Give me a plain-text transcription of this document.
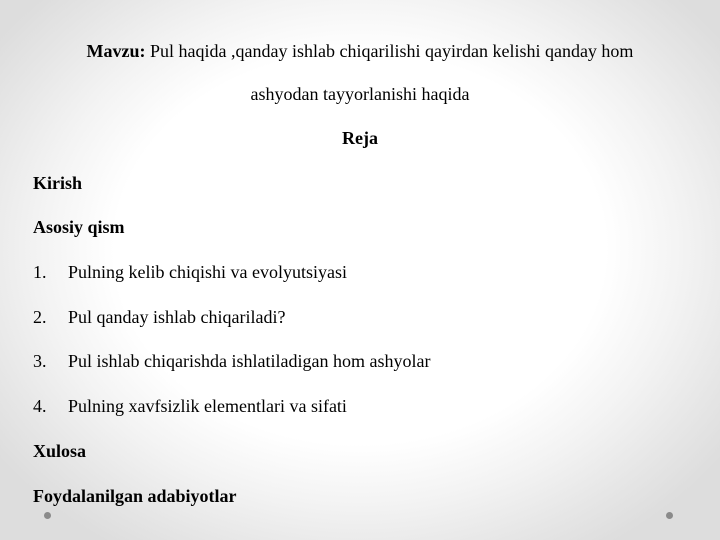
Mavzu: Pul haqida ,qanday ishlab chiqarilishi qayirdan kelishi qanday hom
ashyodan tayyorlanishi haqida
Reja
Kirish
Asosiy qism
1. Pulning kelib chiqishi va evolyutsiyasi
2. Pul qanday ishlab chiqariladi?
3. Pul ishlab chiqarishda ishlatiladigan hom ashyolar
4. Pulning xavfsizlik elementlari va sifati
Xulosa
Foydalanilgan adabiyotlar
